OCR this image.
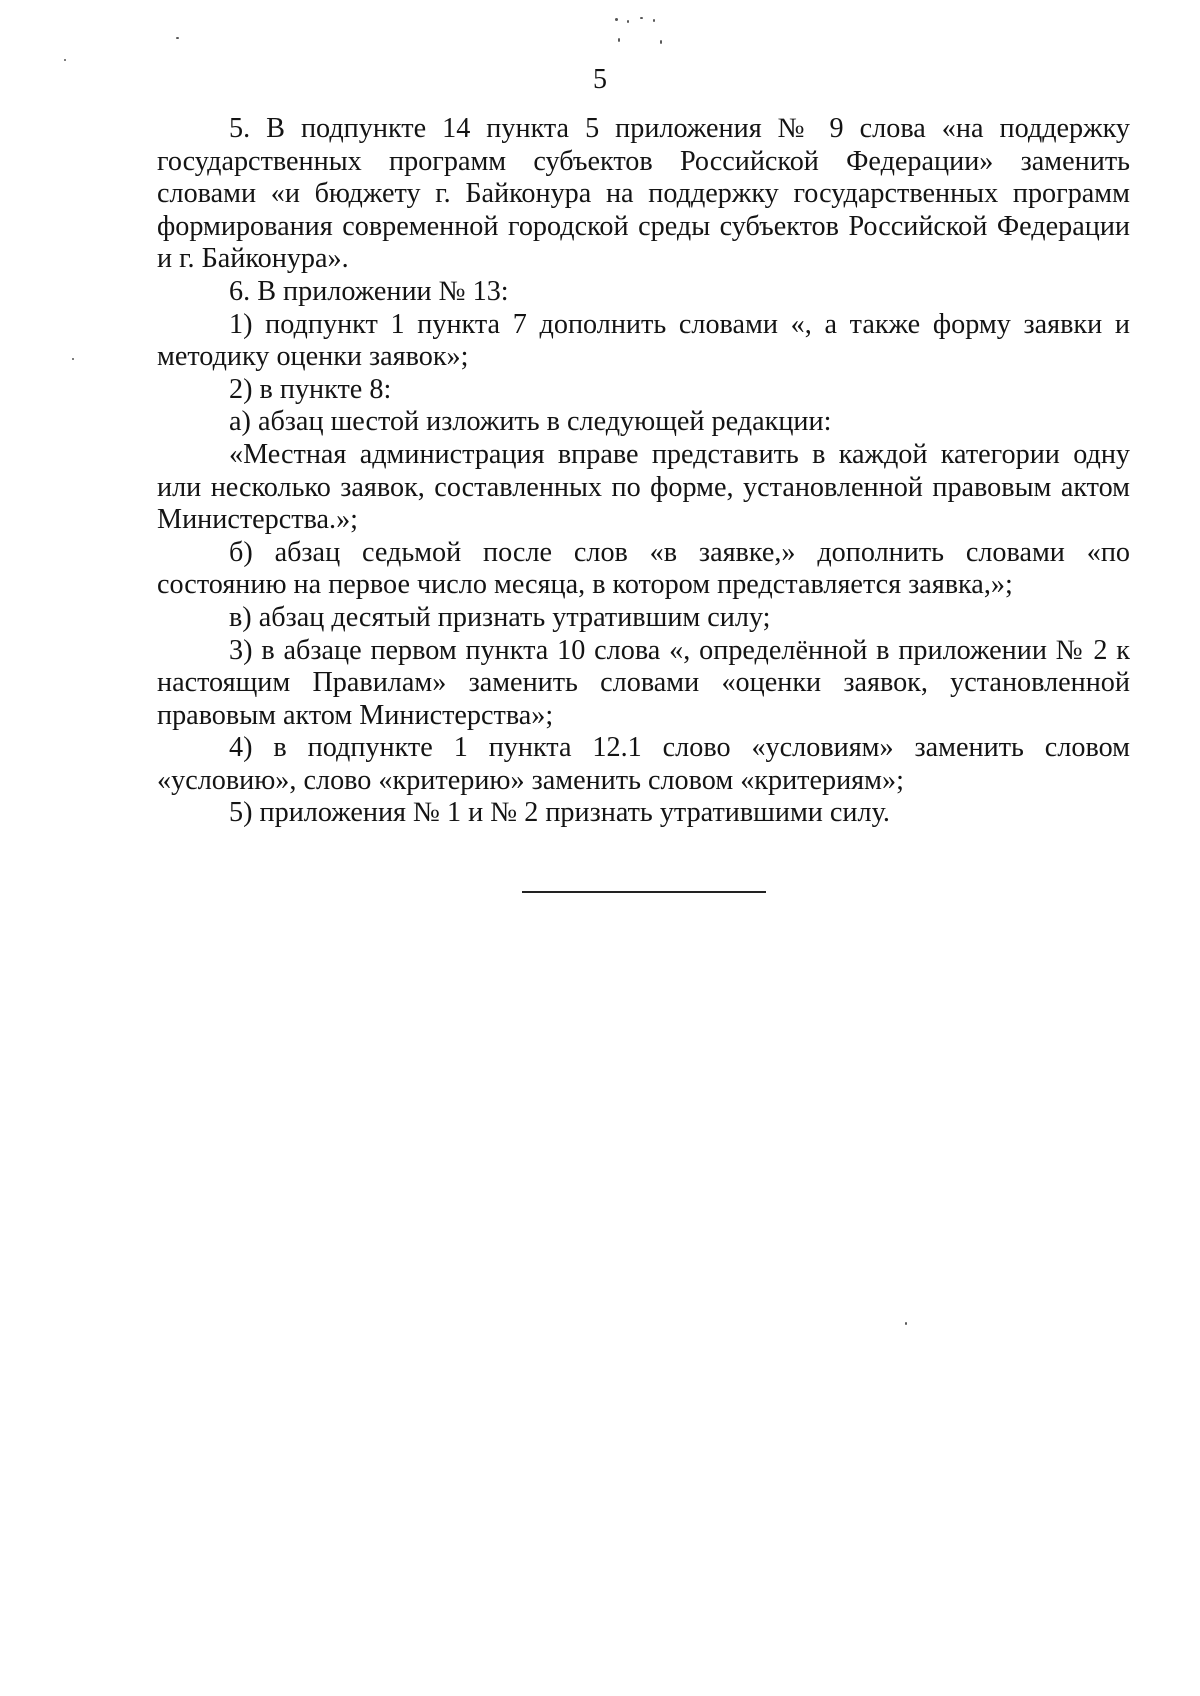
5

5. В подпункте 14 пункта 5 приложения № 9 слова «на поддержку государственных программ субъектов Российской Федерации» заменить словами «и бюджету г. Байконура на поддержку государственных программ формирования современной городской среды субъектов Российской Федерации и г. Байконура».

6. В приложении № 13:

1) подпункт 1 пункта 7 дополнить словами «, а также форму заявки и методику оценки заявок»;

2) в пункте 8:

а) абзац шестой изложить в следующей редакции:

«Местная администрация вправе представить в каждой категории одну или несколько заявок, составленных по форме, установленной правовым актом Министерства.»;

б) абзац седьмой после слов «в заявке,» дополнить словами «по состоянию на первое число месяца, в котором представляется заявка,»;

в) абзац десятый признать утратившим силу;

3) в абзаце первом пункта 10 слова «, определённой в приложении № 2 к настоящим Правилам» заменить словами «оценки заявок, установленной правовым актом Министерства»;

4) в подпункте 1 пункта 12.1 слово «условиям» заменить словом «условию», слово «критерию» заменить словом «критериям»;

5) приложения № 1 и № 2 признать утратившими силу.
